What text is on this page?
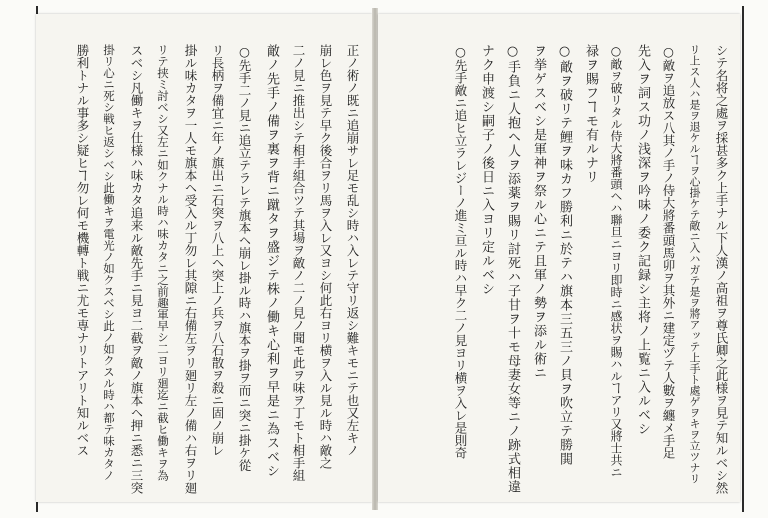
シテ名将之處ヲ採甚多ク上手ナル下人漢ノ高祖ヲ尊氏卿之此様ヲ見テ知ルベシ然
リ上ス人ハ是ヲ退ケルヿヲ心掛ケテ敵ニ入ハガテ是ヲ將アッテ上手ト處ゲヲキヲ立ツナリ
○敵ヲ追放ス八其ノ手ノ侍大將番頭馬卯ヲ其外ニ建定ヅテ人數ヲ纏メ手足
先入ヲ詞ス功ノ浅深ヲ吟味ノ委ク記録シ主将ノ上覧ニ入ルベシ
○敵ヲ破リタル侍大將番頭ヘハ聯旦ニヨリ即時ニ感状ヲ賜ハルヿアリ又將士共ニ
禄ヲ賜フヿモ有ルナリ
○敵ヲ破リテ鯉ヲ味カフ勝利ニ於テハ旗本三五三ノ貝ヲ吹立テ勝閧
ヲ挙ゲスベシ是軍神ヲ祭ル心ニテ且軍ノ勢ヲ添ル術ニ
○手負ニ人抱ヘ人ヲ添薬ヲ賜リ討死ハ子甘ヲ十モ母妻女等ニノ跡式相違
ナク申渡シ嗣子ノ後日ニ入ヨリ定ルベシ
○先手敵ニ追ヒ立ラレジーノ進ミ亘ル時ハ早ク二ノ見ヨリ横ヲ入レ是則奇
正ノ術ノ既ニ追崩サレ足モ乱シ時ハ入レテ守リ返シ難キモニテ也又左キノ
崩レ色ヲ見テ早ク後合ヲリ馬ヲ入レ又ヨシ何此右ヨリ横ヲ入ル見ル時ハ敵之
二ノ見ニ推出シテ相手組合ツテ其場ヲ敵ノ二ノ見ノ聞モ此ヲ味ヲ丁モト相手組
敵ノ先手ノ備ヲ裏ヲ背ニ蹴タヲ盛ジテ株ノ働キ心利ヲ早是ニ為スベシ
○先手二ノ見ニ追立テラレテ旗本ヘ崩レ掛ル時ハ旗本ヲ掛ヲ而ニ突ニ掛ケ從
リ長柄ヲ備宜ニ年ノ旗出ニ石突ヲ八上ヘ突上ノ兵ヲ八石散ヲ殺ニ固ノ崩レ
掛ル味カタヲ一人モ旗本ヘ受入ル丁勿レ其隙ニ右備左ヲリ廻リ左ノ備ハ右ヲリ廻
リテ挟ミ討ベシ又左ニ如クナル時ハ味カタニ之前趣軍早シ二ヨリ廻迄ニ截ヒ働キヲ為
スベシ凡働キヲ仕様ハ味カタ追来ル敵先手ニ見ヨ二截ヲ敵ノ旗本ヘ押ニ悉ニ三突
掛リ心ニ死シ戦ヒ返シベシ此働キヲ電光ノ如クスベシ此ノ如クスル時ハ都テ味カタノ
勝利トナル事多シ疑ヒヿ勿レ何モ機轉ト戦ニ尤モ専ナリトアリト知ルベス
